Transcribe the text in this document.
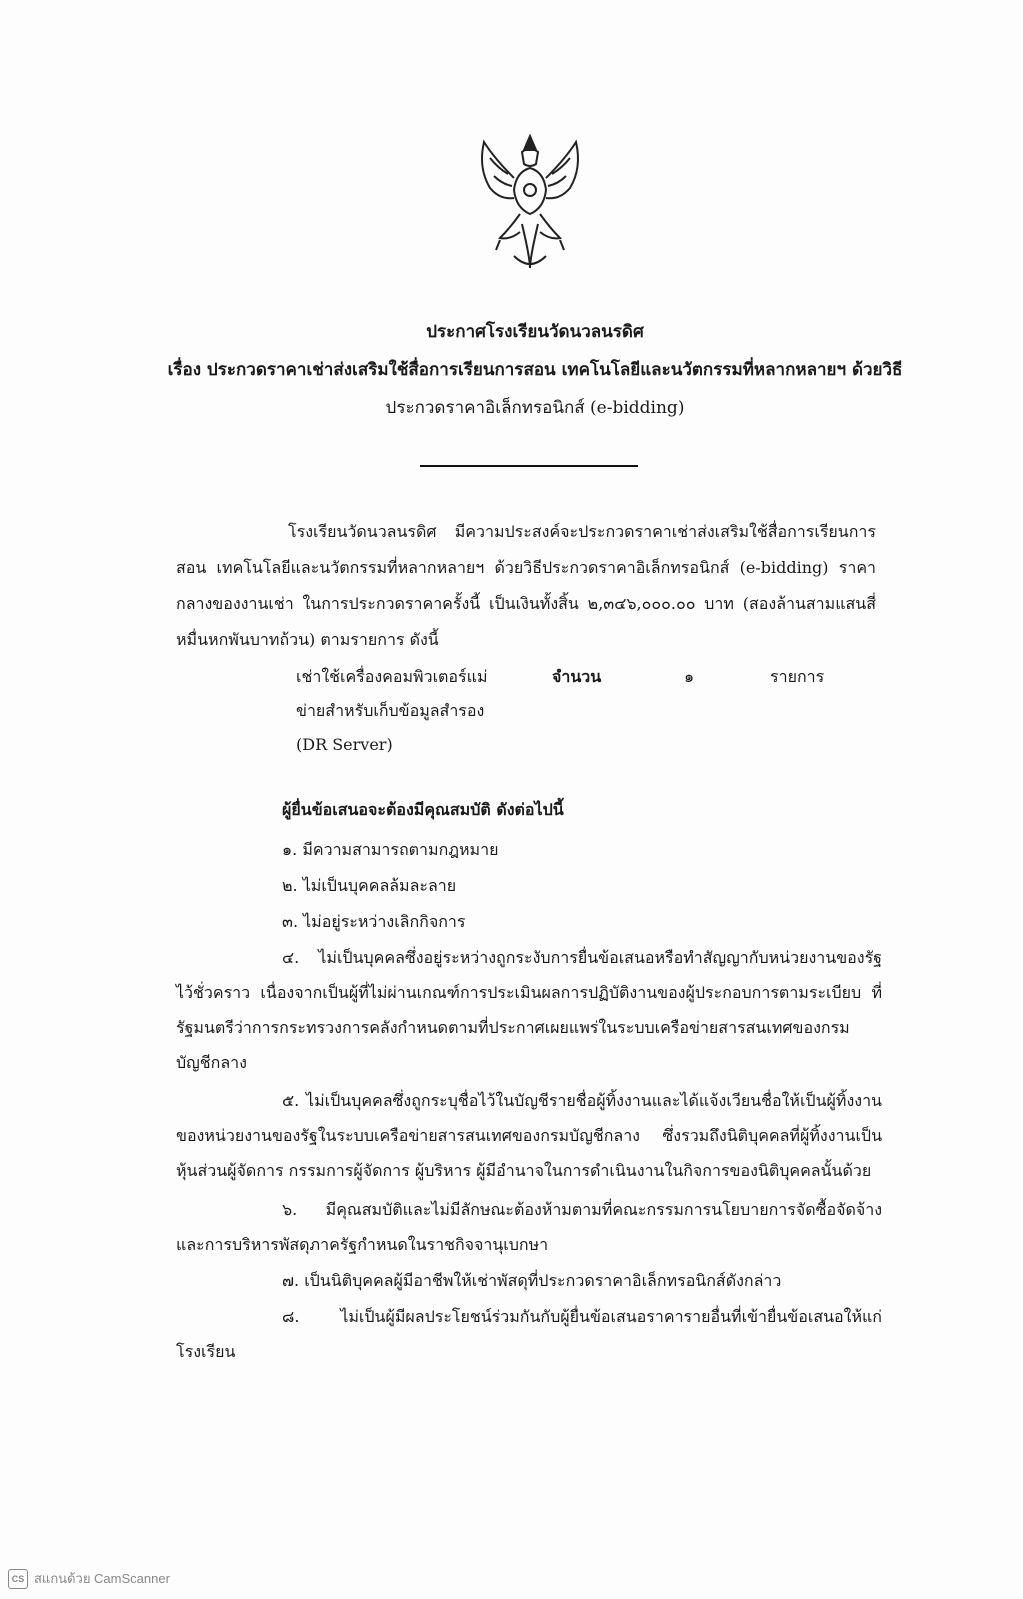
ประกาศโรงเรียนวัดนวลนรดิศ
เรื่อง ประกวดราคาเช่าส่งเสริมใช้สื่อการเรียนการสอน เทคโนโลยีและนวัตกรรมที่หลากหลายฯ ด้วยวิธี
ประกวดราคาอิเล็กทรอนิกส์ (e-bidding)
โรงเรียนวัดนวลนรดิศ มีความประสงค์จะประกวดราคาเช่าส่งเสริมใช้สื่อการเรียนการสอน เทคโนโลยีและนวัตกรรมที่หลากหลายฯ ด้วยวิธีประกวดราคาอิเล็กทรอนิกส์ (e-bidding) ราคากลางของงานเช่า ในการประกวดราคาครั้งนี้ เป็นเงินทั้งสิ้น ๒,๓๔๖,๐๐๐.๐๐ บาท (สองล้านสามแสนสี่หมื่นหกพันบาทถ้วน) ตามรายการ ดังนี้
เช่าใช้เครื่องคอมพิวเตอร์แม่ข่ายสำหรับเก็บข้อมูลสำรอง (DR Server)
จำนวน	๑	รายการ
ผู้ยื่นข้อเสนอจะต้องมีคุณสมบัติ ดังต่อไปนี้
๑. มีความสามารถตามกฎหมาย
๒. ไม่เป็นบุคคลล้มละลาย
๓. ไม่อยู่ระหว่างเลิกกิจการ
๔. ไม่เป็นบุคคลซึ่งอยู่ระหว่างถูกระงับการยื่นข้อเสนอหรือทำสัญญากับหน่วยงานของรัฐไว้ชั่วคราว เนื่องจากเป็นผู้ที่ไม่ผ่านเกณฑ์การประเมินผลการปฏิบัติงานของผู้ประกอบการตามระเบียบ ที่รัฐมนตรีว่าการกระทรวงการคลังกำหนดตามที่ประกาศเผยแพร่ในระบบเครือข่ายสารสนเทศของกรมบัญชีกลาง
๕. ไม่เป็นบุคคลซึ่งถูกระบุชื่อไว้ในบัญชีรายชื่อผู้ทิ้งงานและได้แจ้งเวียนชื่อให้เป็นผู้ทิ้งงานของหน่วยงานของรัฐในระบบเครือข่ายสารสนเทศของกรมบัญชีกลาง ซึ่งรวมถึงนิติบุคคลที่ผู้ทิ้งงานเป็นหุ้นส่วนผู้จัดการ กรรมการผู้จัดการ ผู้บริหาร ผู้มีอำนาจในการดำเนินงานในกิจการของนิติบุคคลนั้นด้วย
๖. มีคุณสมบัติและไม่มีลักษณะต้องห้ามตามที่คณะกรรมการนโยบายการจัดซื้อจัดจ้างและการบริหารพัสดุภาครัฐกำหนดในราชกิจจานุเบกษา
๗. เป็นนิติบุคคลผู้มีอาชีพให้เช่าพัสดุที่ประกวดราคาอิเล็กทรอนิกส์ดังกล่าว
๘. ไม่เป็นผู้มีผลประโยชน์ร่วมกันกับผู้ยื่นข้อเสนอราคารายอื่นที่เข้ายื่นข้อเสนอให้แก่โรงเรียน
CS สแกนด้วย CamScanner
